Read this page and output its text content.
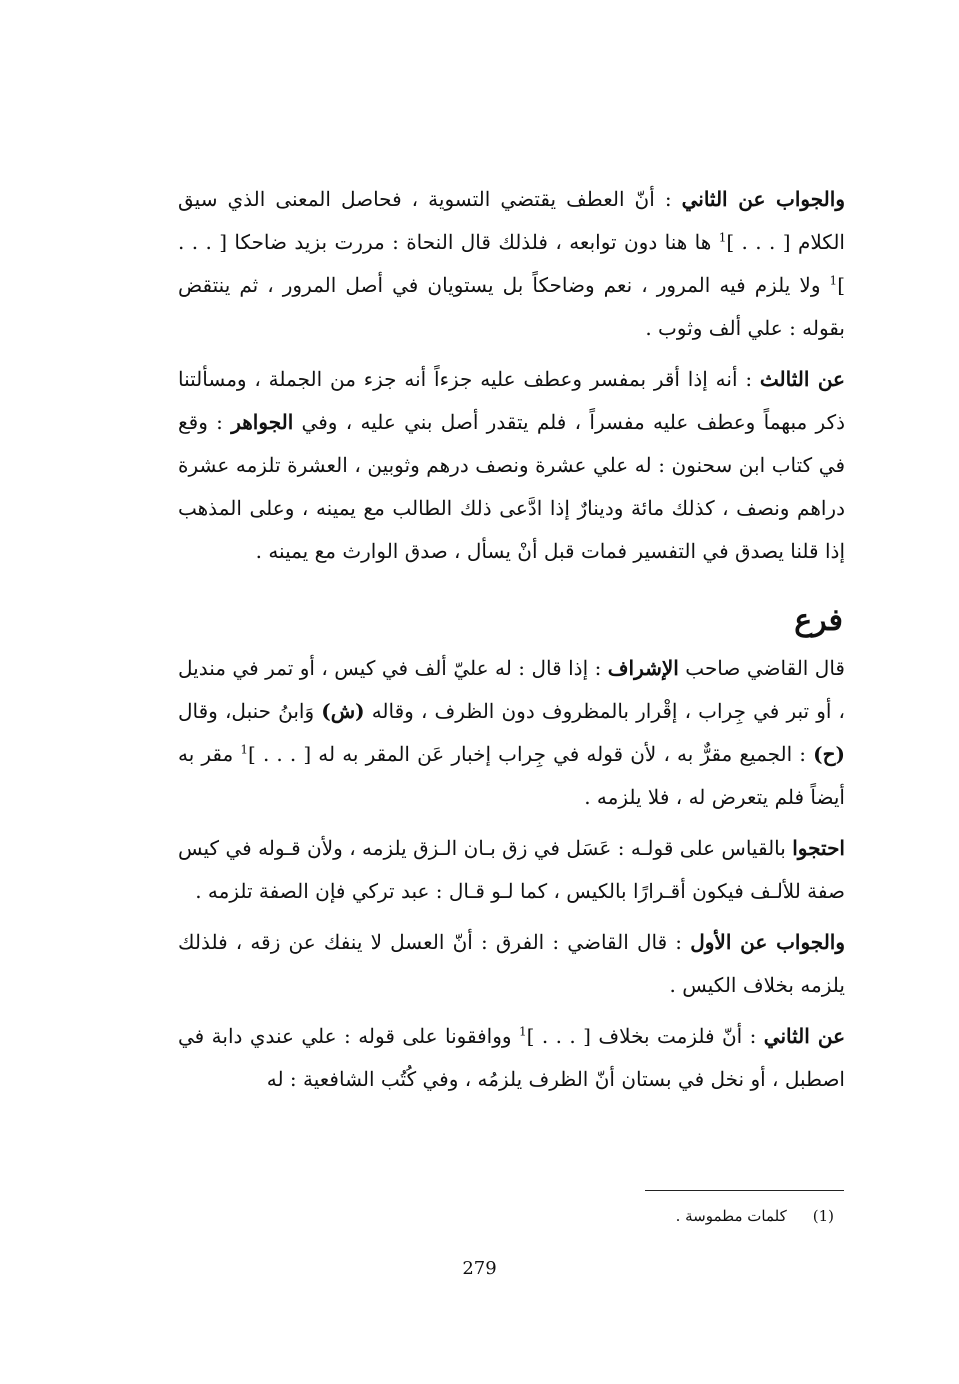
والجواب عن الثاني : أنّ العطف يقتضي التسوية ، فحاصل المعنى الذي سيق الكلام [ . . . ]$^1$ ها هنا دون توابعه ، فلذلك قال النحاة : مررت بزيد ضاحكا [ . . . ]$^1$ ولا يلزم فيه المرور ، نعم وضاحكاً بل يستويان في أصل المرور ، ثم ينتقض بقوله : علي ألف وثوب .

عن الثالث : أنه إذا أقر بمفسر وعطف عليه جزءاً أنه جزء من الجملة ، ومسألتنا ذكر مبهماً وعطف عليه مفسراً ، فلم يتقدر أصل بني عليه ، وفي الجواهر : وقع في كتاب ابن سحنون : له علي عشرة ونصف درهم وثوبين ، العشرة تلزمه عشرة دراهم ونصف ، كذلك مائة ودينارٌ إذا ادَّعى ذلك الطالب مع يمينه ، وعلى المذهب إذا قلنا يصدق في التفسير فمات قبل أنْ يسأل ، صدق الوارث مع يمينه .

فرع

قال القاضي صاحب الإشراف : إذا قال : له عليّ ألف في كيس ، أو تمر في منديل ، أو تبر في جِراب ، إقْرار بالمظروف دون الظرف ، وقاله (ش) وَابنُ حنبل، وقال (ح) : الجميع مقرٌّ به ، لأن قوله في جِراب إخبار عَن المقر به له [ . . . ]$^1$ مقر به أيضاً فلم يتعرض له ، فلا يلزمه .

احتجوا بالقياس على قولـه : عَسَل في زق بـان الـزق يلزمه ، ولأن قـوله في كيس صفة للألـف فيكون أقـرارًا بالكيس ، كما لـو قـال : عبد تركي فإن الصفة تلزمه .

والجواب عن الأول : قال القاضي : الفرق : أنّ العسل لا ينفك عن زقه ، فلذلك يلزمه بخلاف الكيس .

عن الثاني : أنّ فلزمت بخلاف [ . . . ]$^1$ ووافقونا على قوله : علي عندي دابة في اصطبل ، أو نخل في بستان أنّ الظرف يلزمُه ، وفي كُتُب الشافعية : له

(1)كلمات مطموسة .
279
